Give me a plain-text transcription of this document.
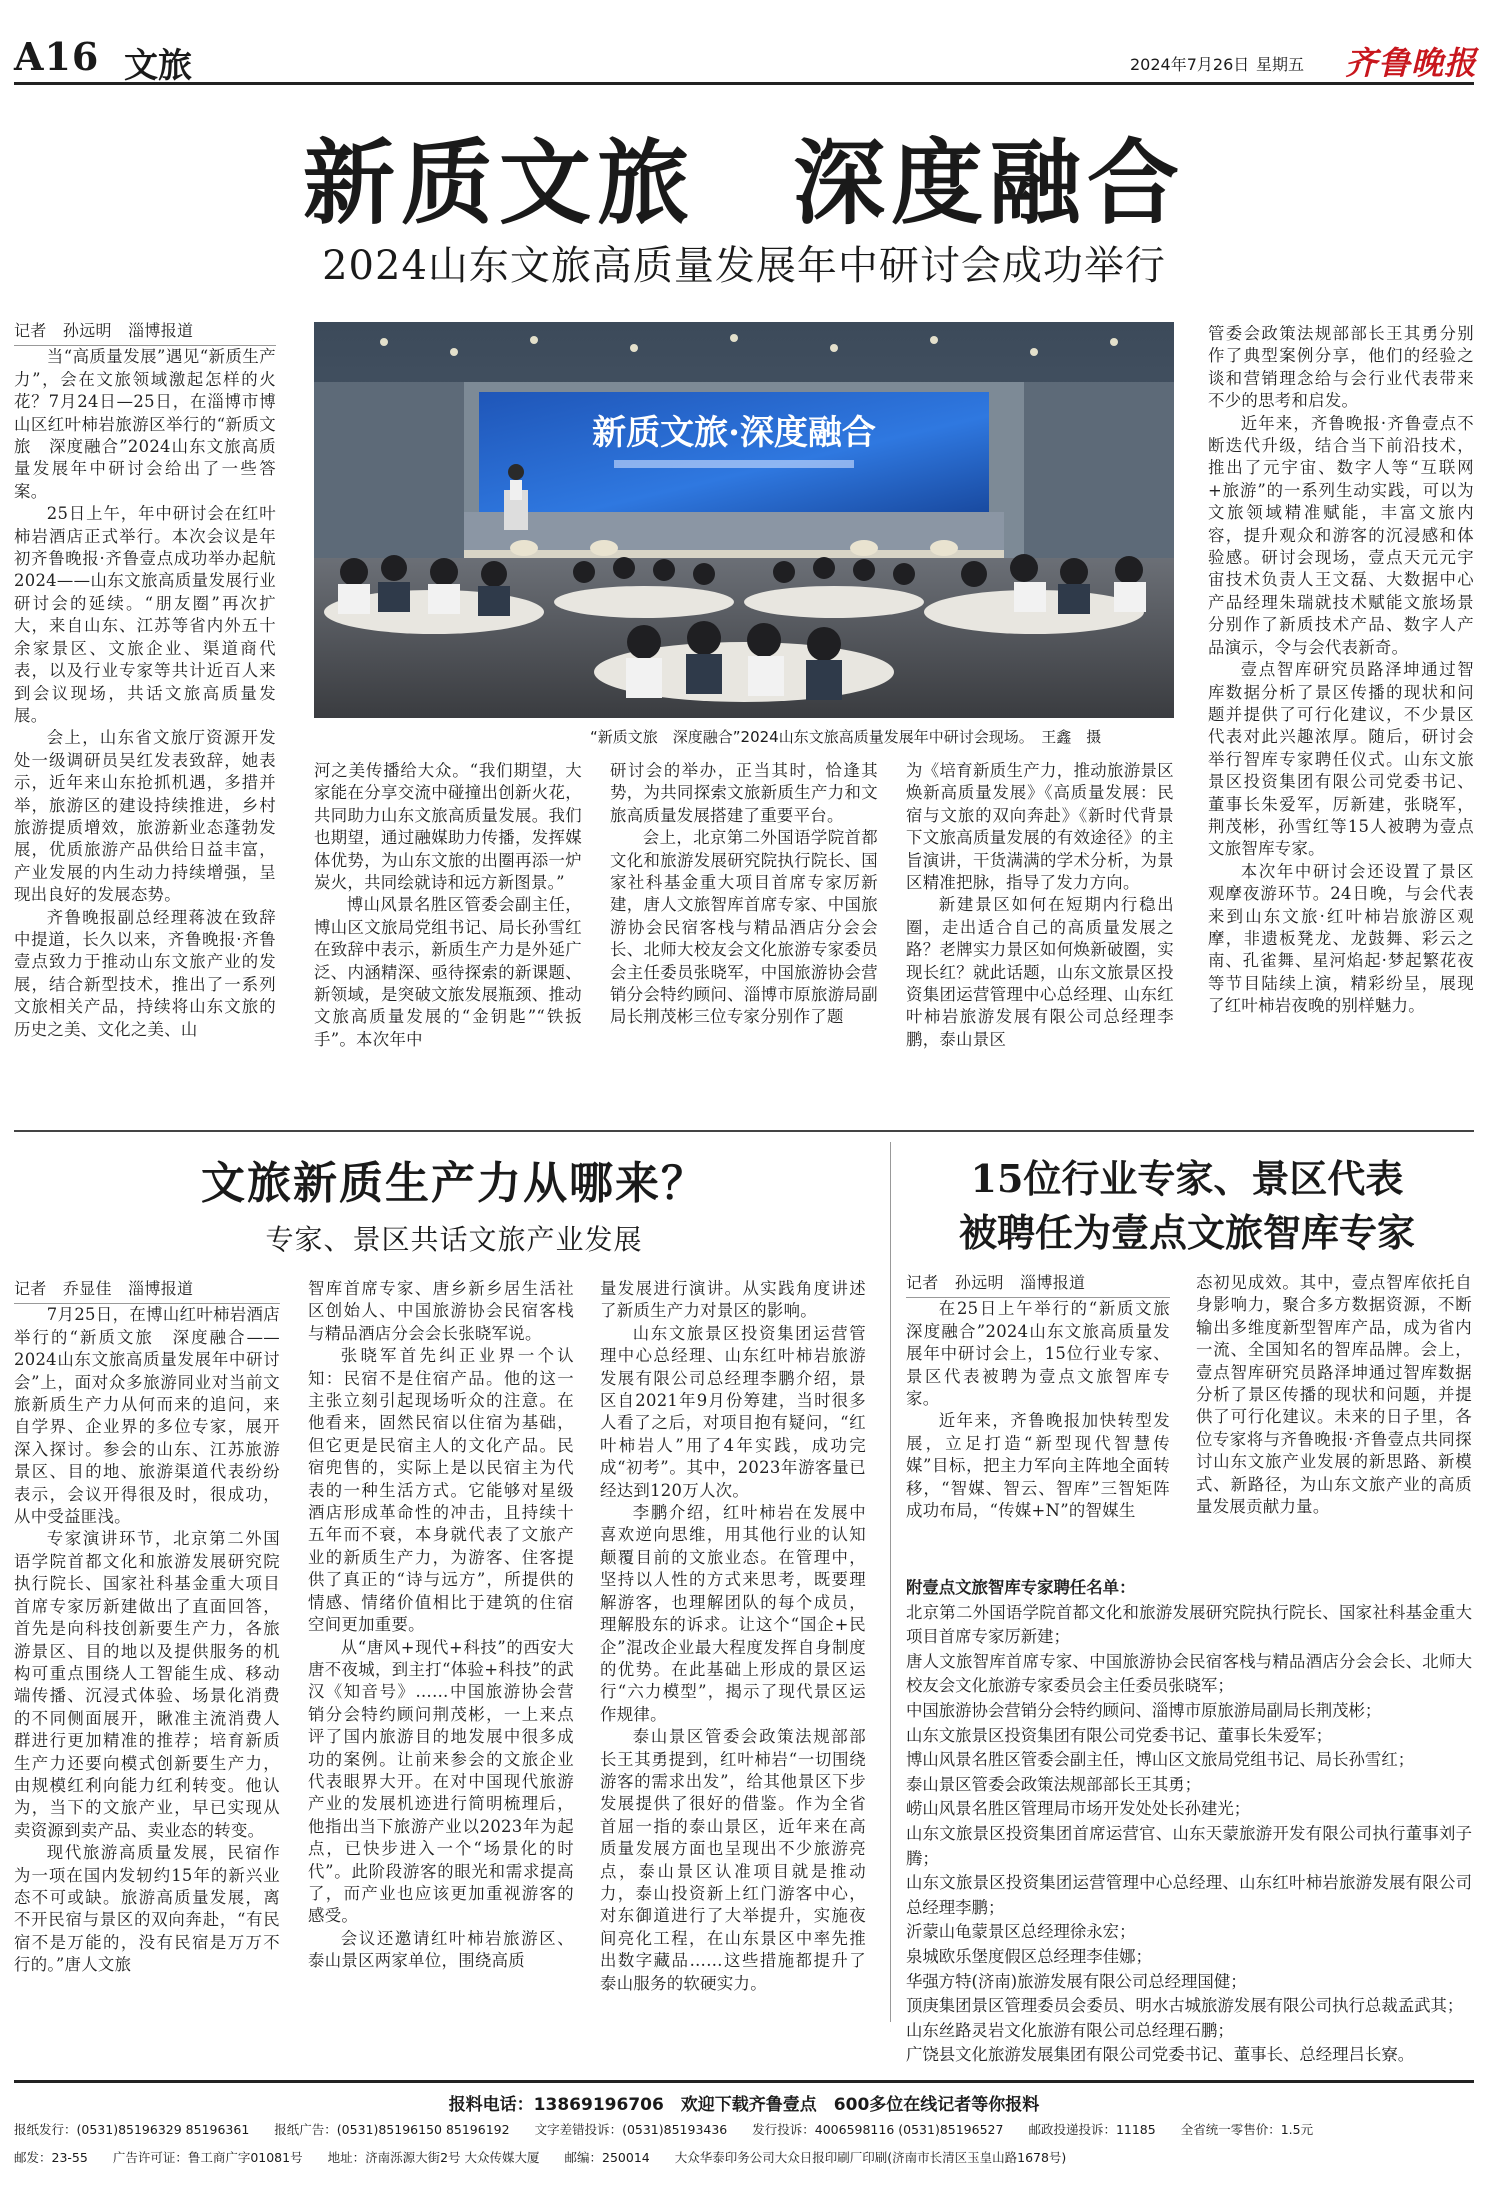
A16 文旅	2024年7月26日 星期五 齐鲁晚报
新质文旅　深度融合
2024山东文旅高质量发展年中研讨会成功举行

记者　孙远明　淄博报道

当“高质量发展”遇见“新质生产力”，会在文旅领域激起怎样的火花？7月24日—25日，在淄博市博山区红叶柿岩旅游区举行的“新质文旅　深度融合”2024山东文旅高质量发展年中研讨会给出了一些答案。

25日上午，年中研讨会在红叶柿岩酒店正式举行。本次会议是年初齐鲁晚报·齐鲁壹点成功举办起航2024——山东文旅高质量发展行业研讨会的延续。“朋友圈”再次扩大，来自山东、江苏等省内外五十余家景区、文旅企业、渠道商代表，以及行业专家等共计近百人来到会议现场，共话文旅高质量发展。

会上，山东省文旅厅资源开发处一级调研员吴红发表致辞，她表示，近年来山东抢抓机遇，多措并举，旅游区的建设持续推进，乡村旅游提质增效，旅游新业态蓬勃发展，优质旅游产品供给日益丰富，产业发展的内生动力持续增强，呈现出良好的发展态势。

齐鲁晚报副总经理蒋波在致辞中提道，长久以来，齐鲁晚报·齐鲁壹点致力于推动山东文旅产业的发展，结合新型技术，推出了一系列文旅相关产品，持续将山东文旅的历史之美、文化之美、山

新质文旅·深度融合
“新质文旅　深度融合”2024山东文旅高质量发展年中研讨会现场。　王鑫　摄

管委会政策法规部部长王其勇分别作了典型案例分享，他们的经验之谈和营销理念给与会行业代表带来不少的思考和启发。

近年来，齐鲁晚报·齐鲁壹点不断迭代升级，结合当下前沿技术，推出了元宇宙、数字人等“互联网+旅游”的一系列生动实践，可以为文旅领域精准赋能，丰富文旅内容，提升观众和游客的沉浸感和体验感。研讨会现场，壹点天元元宇宙技术负责人王文磊、大数据中心产品经理朱瑞就技术赋能文旅场景分别作了新质技术产品、数字人产品演示，令与会代表新奇。

壹点智库研究员路泽坤通过智库数据分析了景区传播的现状和问题并提供了可行化建议，不少景区代表对此兴趣浓厚。随后，研讨会举行智库专家聘任仪式。山东文旅景区投资集团有限公司党委书记、董事长朱爱军，厉新建，张晓军，荆茂彬，孙雪红等15人被聘为壹点文旅智库专家。

本次年中研讨会还设置了景区观摩夜游环节。24日晚，与会代表来到山东文旅·红叶柿岩旅游区观摩，非遗板凳龙、龙鼓舞、彩云之南、孔雀舞、星河焰起·梦起繁花夜等节目陆续上演，精彩纷呈，展现了红叶柿岩夜晚的别样魅力。

河之美传播给大众。“我们期望，大家能在分享交流中碰撞出创新火花，共同助力山东文旅高质量发展。我们也期望，通过融媒助力传播，发挥媒体优势，为山东文旅的出圈再添一炉炭火，共同绘就诗和远方新图景。”

博山风景名胜区管委会副主任，博山区文旅局党组书记、局长孙雪红在致辞中表示，新质生产力是外延广泛、内涵精深、亟待探索的新课题、新领域，是突破文旅发展瓶颈、推动文旅高质量发展的“金钥匙”“铁扳手”。本次年中

研讨会的举办，正当其时，恰逢其势，为共同探索文旅新质生产力和文旅高质量发展搭建了重要平台。

会上，北京第二外国语学院首都文化和旅游发展研究院执行院长、国家社科基金重大项目首席专家厉新建，唐人文旅智库首席专家、中国旅游协会民宿客栈与精品酒店分会会长、北师大校友会文化旅游专家委员会主任委员张晓军，中国旅游协会营销分会特约顾问、淄博市原旅游局副局长荆茂彬三位专家分别作了题

为《培育新质生产力，推动旅游景区焕新高质量发展》《高质量发展：民宿与文旅的双向奔赴》《新时代背景下文旅高质量发展的有效途径》的主旨演讲，干货满满的学术分析，为景区精准把脉，指导了发力方向。

新建景区如何在短期内行稳出圈，走出适合自己的高质量发展之路？老牌实力景区如何焕新破圈，实现长红？就此话题，山东文旅景区投资集团运营管理中心总经理、山东红叶柿岩旅游发展有限公司总经理李鹏，泰山景区

文旅新质生产力从哪来？
专家、景区共话文旅产业发展

记者　乔显佳　淄博报道

7月25日，在博山红叶柿岩酒店举行的“新质文旅　深度融合——2024山东文旅高质量发展年中研讨会”上，面对众多旅游同业对当前文旅新质生产力从何而来的追问，来自学界、企业界的多位专家，展开深入探讨。参会的山东、江苏旅游景区、目的地、旅游渠道代表纷纷表示，会议开得很及时，很成功，从中受益匪浅。

专家演讲环节，北京第二外国语学院首都文化和旅游发展研究院执行院长、国家社科基金重大项目首席专家厉新建做出了直面回答，首先是向科技创新要生产力，各旅游景区、目的地以及提供服务的机构可重点围绕人工智能生成、移动端传播、沉浸式体验、场景化消费的不同侧面展开，瞅准主流消费人群进行更加精准的推荐；培育新质生产力还要向模式创新要生产力，由规模红利向能力红利转变。他认为，当下的文旅产业，早已实现从卖资源到卖产品、卖业态的转变。

现代旅游高质量发展，民宿作为一项在国内发轫约15年的新兴业态不可或缺。旅游高质量发展，离不开民宿与景区的双向奔赴，“有民宿不是万能的，没有民宿是万万不行的。”唐人文旅

智库首席专家、唐乡新乡居生活社区创始人、中国旅游协会民宿客栈与精品酒店分会会长张晓军说。

张晓军首先纠正业界一个认知：民宿不是住宿产品。他的这一主张立刻引起现场听众的注意。在他看来，固然民宿以住宿为基础，但它更是民宿主人的文化产品。民宿兜售的，实际上是以民宿主为代表的一种生活方式。它能够对星级酒店形成革命性的冲击，且持续十五年而不衰，本身就代表了文旅产业的新质生产力，为游客、住客提供了真正的“诗与远方”，所提供的情感、情绪价值相比于建筑的住宿空间更加重要。

从“唐风+现代+科技”的西安大唐不夜城，到主打“体验+科技”的武汉《知音号》……中国旅游协会营销分会特约顾问荆茂彬，一上来点评了国内旅游目的地发展中很多成功的案例。让前来参会的文旅企业代表眼界大开。在对中国现代旅游产业的发展机迹进行简明梳理后，他指出当下旅游产业以2023年为起点，已快步进入一个“场景化的时代”。此阶段游客的眼光和需求提高了，而产业也应该更加重视游客的感受。

会议还邀请红叶柿岩旅游区、泰山景区两家单位，围绕高质

量发展进行演讲。从实践角度讲述了新质生产力对景区的影响。

山东文旅景区投资集团运营管理中心总经理、山东红叶柿岩旅游发展有限公司总经理李鹏介绍，景区自2021年9月份筹建，当时很多人看了之后，对项目抱有疑问，“红叶柿岩人”用了4年实践，成功完成“初考”。其中，2023年游客量已经达到120万人次。

李鹏介绍，红叶柿岩在发展中喜欢逆向思维，用其他行业的认知颠覆目前的文旅业态。在管理中，坚持以人性的方式来思考，既要理解游客，也理解团队的每个成员，理解股东的诉求。让这个“国企+民企”混改企业最大程度发挥自身制度的优势。在此基础上形成的景区运行“六力模型”，揭示了现代景区运作规律。

泰山景区管委会政策法规部部长王其勇提到，红叶柿岩“一切围绕游客的需求出发”，给其他景区下步发展提供了很好的借鉴。作为全省首屈一指的泰山景区，近年来在高质量发展方面也呈现出不少旅游亮点，泰山景区认准项目就是推动力，泰山投资新上红门游客中心，对东御道进行了大举提升，实施夜间亮化工程，在山东景区中率先推出数字藏品……这些措施都提升了泰山服务的软硬实力。

15位行业专家、景区代表
被聘任为壹点文旅智库专家

记者　孙远明　淄博报道

在25日上午举行的“新质文旅　深度融合”2024山东文旅高质量发展年中研讨会上，15位行业专家、景区代表被聘为壹点文旅智库专家。

近年来，齐鲁晚报加快转型发展，立足打造“新型现代智慧传媒”目标，把主力军向主阵地全面转移，“智媒、智云、智库”三智矩阵成功布局，“传媒+N”的智媒生

态初见成效。其中，壹点智库依托自身影响力，聚合多方数据资源，不断输出多维度新型智库产品，成为省内一流、全国知名的智库品牌。会上，壹点智库研究员路泽坤通过智库数据分析了景区传播的现状和问题，并提供了可行化建议。未来的日子里，各位专家将与齐鲁晚报·齐鲁壹点共同探讨山东文旅产业发展的新思路、新模式、新路径，为山东文旅产业的高质量发展贡献力量。

附壹点文旅智库专家聘任名单：
北京第二外国语学院首都文化和旅游发展研究院执行院长、国家社科基金重大项目首席专家厉新建；
唐人文旅智库首席专家、中国旅游协会民宿客栈与精品酒店分会会长、北师大校友会文化旅游专家委员会主任委员张晓军；
中国旅游协会营销分会特约顾问、淄博市原旅游局副局长荆茂彬；
山东文旅景区投资集团有限公司党委书记、董事长朱爱军；
博山风景名胜区管委会副主任，博山区文旅局党组书记、局长孙雪红；
泰山景区管委会政策法规部部长王其勇；
崂山风景名胜区管理局市场开发处处长孙建光；
山东文旅景区投资集团首席运营官、山东天蒙旅游开发有限公司执行董事刘子腾；
山东文旅景区投资集团运营管理中心总经理、山东红叶柿岩旅游发展有限公司总经理李鹏；
沂蒙山龟蒙景区总经理徐永宏；
泉城欧乐堡度假区总经理李佳娜；
华强方特(济南)旅游发展有限公司总经理国健；
顶庚集团景区管理委员会委员、明水古城旅游发展有限公司执行总裁孟武其；
山东丝路灵岩文化旅游有限公司总经理石鹏；
广饶县文化旅游发展集团有限公司党委书记、董事长、总经理吕长寮。
报料电话：13869196706　欢迎下载齐鲁壹点　600多位在线记者等你报料
报纸发行：(0531)85196329 85196361　　报纸广告：(0531)85196150 85196192　　文字差错投诉：(0531)85193436　　发行投诉：4006598116 (0531)85196527　　邮政投递投诉：11185　　全省统一零售价：1.5元
邮发：23-55　　广告许可证：鲁工商广字01081号　　地址：济南泺源大街2号 大众传媒大厦　　邮编：250014　　大众华泰印务公司大众日报印刷厂印刷(济南市长清区玉皇山路1678号)
